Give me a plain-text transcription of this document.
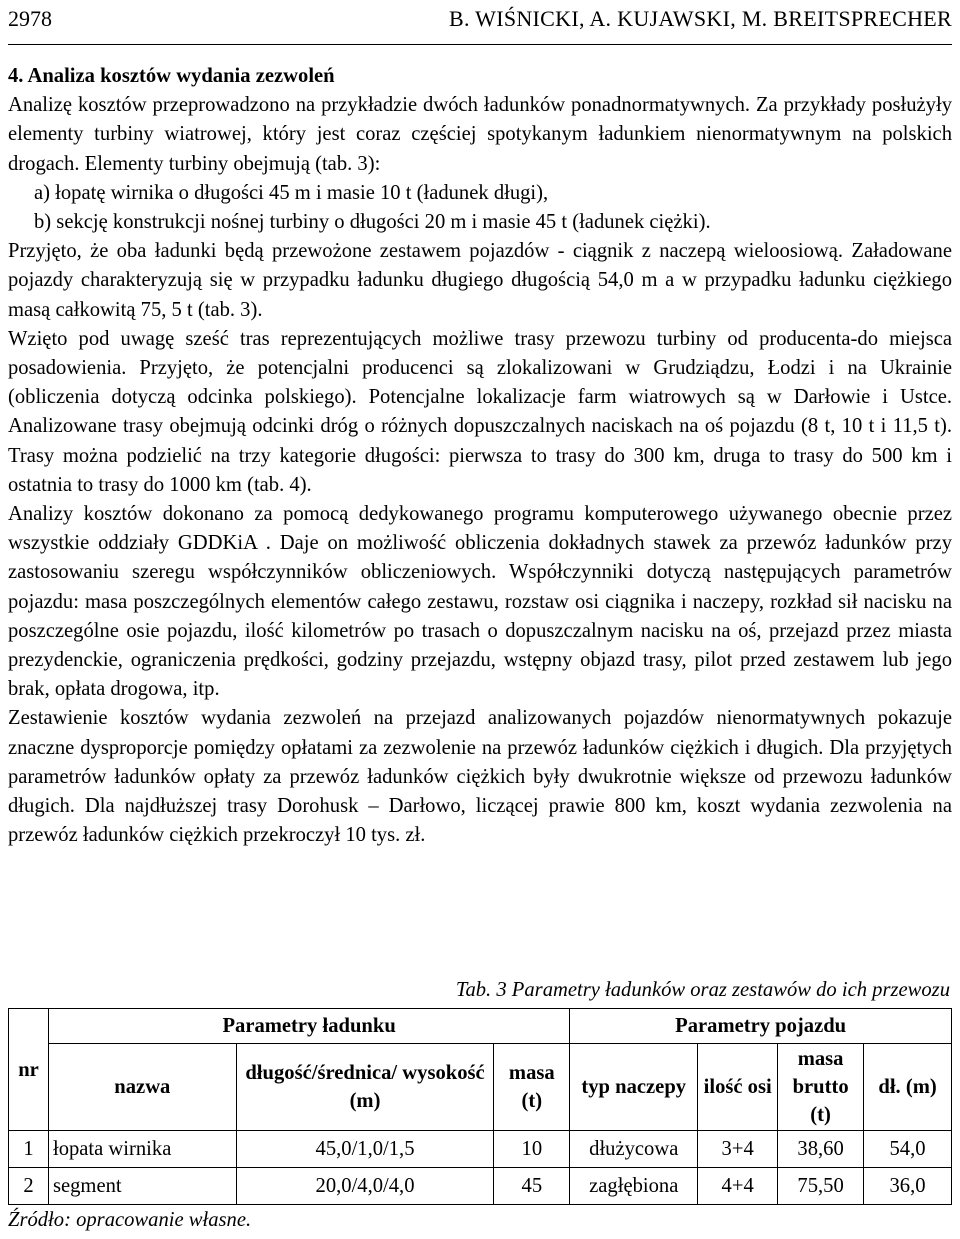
2978	B. WIŚNICKI, A. KUJAWSKI, M. BREITSPRECHER

4. Analiza kosztów wydania zezwoleń

Analizę kosztów przeprowadzono na przykładzie dwóch ładunków ponadnormatywnych. Za przykłady posłużyły elementy turbiny wiatrowej, który jest coraz częściej spotykanym ładunkiem nienormatywnym na polskich drogach. Elementy turbiny obejmują (tab. 3):

a) łopatę wirnika o długości 45 m i masie 10 t (ładunek długi),

b) sekcję konstrukcji nośnej turbiny o długości 20 m i masie 45 t (ładunek ciężki).

Przyjęto, że oba ładunki będą przewożone zestawem pojazdów - ciągnik z naczepą wieloosiową. Załadowane pojazdy charakteryzują się w przypadku ładunku długiego długością 54,0 m a w przypadku ładunku ciężkiego masą całkowitą 75, 5 t (tab. 3).

Wzięto pod uwagę sześć tras reprezentujących możliwe trasy przewozu turbiny od producenta-do miejsca posadowienia. Przyjęto, że potencjalni producenci są zlokalizowani w Grudziądzu, Łodzi i na Ukrainie (obliczenia dotyczą odcinka polskiego). Potencjalne lokalizacje farm wiatrowych są w Darłowie i Ustce. Analizowane trasy obejmują odcinki dróg o różnych dopuszczalnych naciskach na oś pojazdu (8 t, 10 t i 11,5 t). Trasy można podzielić na trzy kategorie długości: pierwsza to trasy do 300 km, druga to trasy do 500 km i ostatnia to trasy do 1000 km (tab. 4).

Analizy kosztów dokonano za pomocą dedykowanego programu komputerowego używanego obecnie przez wszystkie oddziały GDDKiA . Daje on możliwość obliczenia dokładnych stawek za przewóz ładunków przy zastosowaniu szeregu współczynników obliczeniowych. Współczynniki dotyczą następujących parametrów pojazdu: masa poszczególnych elementów całego zestawu, rozstaw osi ciągnika i naczepy, rozkład sił nacisku na poszczególne osie pojazdu, ilość kilometrów po trasach o dopuszczalnym nacisku na oś, przejazd przez miasta prezydenckie, ograniczenia prędkości, godziny przejazdu, wstępny objazd trasy, pilot przed zestawem lub jego brak, opłata drogowa, itp.

Zestawienie kosztów wydania zezwoleń na przejazd analizowanych pojazdów nienormatywnych pokazuje znaczne dysproporcje pomiędzy opłatami za zezwolenie na przewóz ładunków ciężkich i długich. Dla przyjętych parametrów ładunków opłaty za przewóz ładunków ciężkich były dwukrotnie większe od przewozu ładunków długich. Dla najdłuższej trasy Dorohusk – Darłowo, liczącej prawie 800 km, koszt wydania zezwolenia na przewóz ładunków ciężkich przekroczył 10 tys. zł.

Tab. 3 Parametry ładunków oraz zestawów do ich przewozu
nr	Parametry ładunku			Parametry pojazdu			
	nazwa	długość/średnica/ wysokość (m)	masa (t)	typ naczepy	ilość osi	masa brutto (t)	dł. (m)
1	łopata wirnika	45,0/1,0/1,5	10	dłużycowa	3+4	38,60	54,0
2	segment	20,0/4,0/4,0	45	zagłębiona	4+4	75,50	36,0
Źródło: opracowanie własne.
